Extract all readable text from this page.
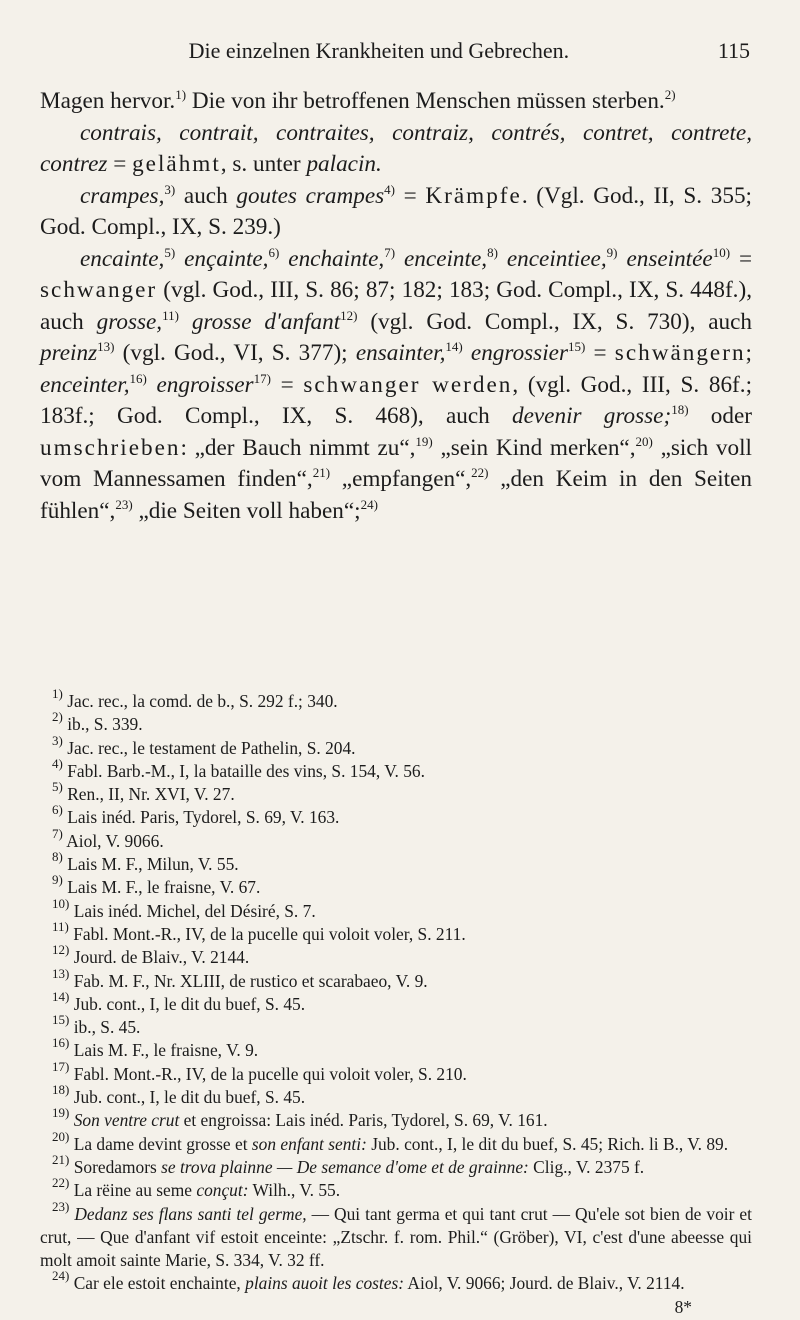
Die einzelnen Krankheiten und Gebrechen.	115

Magen hervor.$^{1)}$ Die von ihr betroffenen Menschen müssen sterben.$^{2)}$

contrais, contrait, contraites, contraiz, contrés, contret, contrete, contrez = gelähmt, s. unter palacin.

crampes,$^{3)}$ auch goutes crampes$^{4)}$ = Krämpfe. (Vgl. God., II, S. 355; God. Compl., IX, S. 239.)

encainte,$^{5)}$ ençainte,$^{6)}$ enchainte,$^{7)}$ enceinte,$^{8)}$ enceintiee,$^{9)}$ enseintée$^{10)}$ = schwanger (vgl. God., III, S. 86; 87; 182; 183; God. Compl., IX, S. 448f.), auch grosse,$^{11)}$ grosse d'anfant$^{12)}$ (vgl. God. Compl., IX, S. 730), auch preinz$^{13)}$ (vgl. God., VI, S. 377); ensainter,$^{14)}$ engrossier$^{15)}$ = schwängern; enceinter,$^{16)}$ engroisser$^{17)}$ = schwanger werden, (vgl. God., III, S. 86f.; 183f.; God. Compl., IX, S. 468), auch devenir grosse;$^{18)}$ oder umschrieben: „der Bauch nimmt zu“,$^{19)}$ „sein Kind merken“,$^{20)}$ „sich voll vom Mannessamen finden“,$^{21)}$ „empfangen“,$^{22)}$ „den Keim in den Seiten fühlen“,$^{23)}$ „die Seiten voll haben“;$^{24)}$

$^{1)}$ Jac. rec., la comd. de b., S. 292 f.; 340.
$^{2)}$ ib., S. 339.
$^{3)}$ Jac. rec., le testament de Pathelin, S. 204.
$^{4)}$ Fabl. Barb.-M., I, la bataille des vins, S. 154, V. 56.
$^{5)}$ Ren., II, Nr. XVI, V. 27.
$^{6)}$ Lais inéd. Paris, Tydorel, S. 69, V. 163.
$^{7)}$ Aiol, V. 9066.
$^{8)}$ Lais M. F., Milun, V. 55.
$^{9)}$ Lais M. F., le fraisne, V. 67.
$^{10)}$ Lais inéd. Michel, del Désiré, S. 7.
$^{11)}$ Fabl. Mont.-R., IV, de la pucelle qui voloit voler, S. 211.
$^{12)}$ Jourd. de Blaiv., V. 2144.
$^{13)}$ Fab. M. F., Nr. XLIII, de rustico et scarabaeo, V. 9.
$^{14)}$ Jub. cont., I, le dit du buef, S. 45.
$^{15)}$ ib., S. 45.
$^{16)}$ Lais M. F., le fraisne, V. 9.
$^{17)}$ Fabl. Mont.-R., IV, de la pucelle qui voloit voler, S. 210.
$^{18)}$ Jub. cont., I, le dit du buef, S. 45.
$^{19)}$ Son ventre crut et engroissa: Lais inéd. Paris, Tydorel, S. 69, V. 161.
$^{20)}$ La dame devint grosse et son enfant senti: Jub. cont., I, le dit du buef, S. 45; Rich. li B., V. 89.
$^{21)}$ Soredamors se trova plainne — De semance d'ome et de grainne: Clig., V. 2375 f.
$^{22)}$ La rëine au seme conçut: Wilh., V. 55.
$^{23)}$ Dedanz ses flans santi tel germe, — Qui tant germa et qui tant crut — Qu'ele sot bien de voir et crut, — Que d'anfant vif estoit enceinte: „Ztschr. f. rom. Phil.“ (Gröber), VI, c'est d'une abeesse qui molt amoit sainte Marie, S. 334, V. 32 ff.
$^{24)}$ Car ele estoit enchainte, plains auoit les costes: Aiol, V. 9066; Jourd. de Blaiv., V. 2114.
8*
